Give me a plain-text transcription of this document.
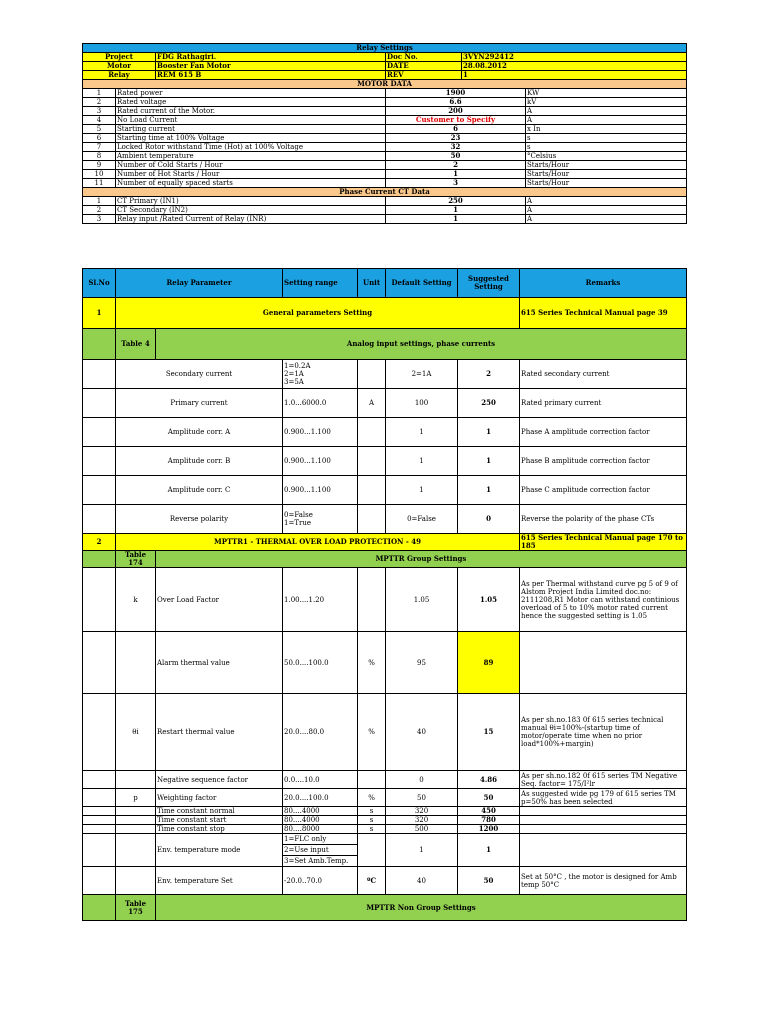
Relay Settings					
Project		FDG Rathagiri.	Doc No.	3VYN292412	
Motor		Booster Fan Motor	DATE	28.08.2012	
Relay		REM 615 B	REV	1	
MOTOR DATA					
1	Rated power		1900		KW
2	Rated voltage		6.6		kV
3	Rated current of the Motor.		200		A
4	No Load Current		Customer to Specify		A
5	Starting current		6		x In
6	Starting time at 100% Voltage		23		s
7	Locked Rotor withstand Time (Hot) at 100% Voltage		32		s
8	Ambient temperature		50		°Celsius
9	Number of Cold Starts / Hour		2		Starts/Hour
10	Number of Hot Starts / Hour		1		Starts/Hour
11	Number of equally spaced starts		3		Starts/Hour
Phase Current CT Data					
1	CT Primary (IN1)		250		A
2	CT Secondary (IN2)		1		A
3	Relay input /Rated Current of Relay (INR)		1		A
Sl.No	Relay Parameter		Setting range	Unit	Default Setting	Suggested Setting	Remarks
1	General parameters Setting						615 Series Technical Manual page 39
	Table 4	Analog input settings, phase currents					
	Secondary current		1=0.2A
2=1A
3=5A		2=1A	2	Rated secondary current
	Primary current		1.0...6000.0	A	100	250	Rated primary current
	Amplitude corr. A		0.900...1.100		1	1	Phase A amplitude correction factor
	Amplitude corr. B		0.900...1.100		1	1	Phase B amplitude correction factor
	Amplitude corr. C		0.900...1.100		1	1	Phase C amplitude correction factor
	Reverse polarity		0=False
1=True		0=False	0	Reverse the polarity of the phase CTs
2	MPTTR1 - THERMAL OVER LOAD PROTECTION - 49						615 Series Technical Manual page 170 to 185
	Table 174	MPTTR Group Settings					
	k	Over Load Factor	1.00....1.20		1.05	1.05	As per Thermal withstand curve pg 5 of 9 of Alstom Project India Limited doc.no: 2111208,R1 Motor can withstand continious overload of 5 to 10% motor rated current hence the suggested setting is 1.05
		Alarm thermal value	50.0....100.0	%	95	89	
	θi	Restart thermal value	20.0....80.0	%	40	15	As per sh.no.183 0f 615 series technical manual θi=100%-(startup time of motor/operate time when no prior load*100%+margin)
		Negative sequence factor	0.0....10.0		0	4.86	As per sh.no.182 0f 615 series TM Negative Seq. factor= 175/I²lr
	p	Weighting factor	20.0....100.0	%	50	50	As suggested wide pg 179 of 615 series TM p=50% has been selected
		Time constant normal	80....4000	s	320	450	
		Time constant start	80....4000	s	320	780	
		Time constant stop	80....8000	s	500	1200	
		Env. temperature mode	1=FLC only
2=Use input
3=Set Amb.Temp.		1	1	
		Env. temperature Set	-20.0..70.0	ºC	40	50	Set at 50°C , the motor is designed for Amb temp 50°C
	Table 175	MPTTR Non Group Settings					
